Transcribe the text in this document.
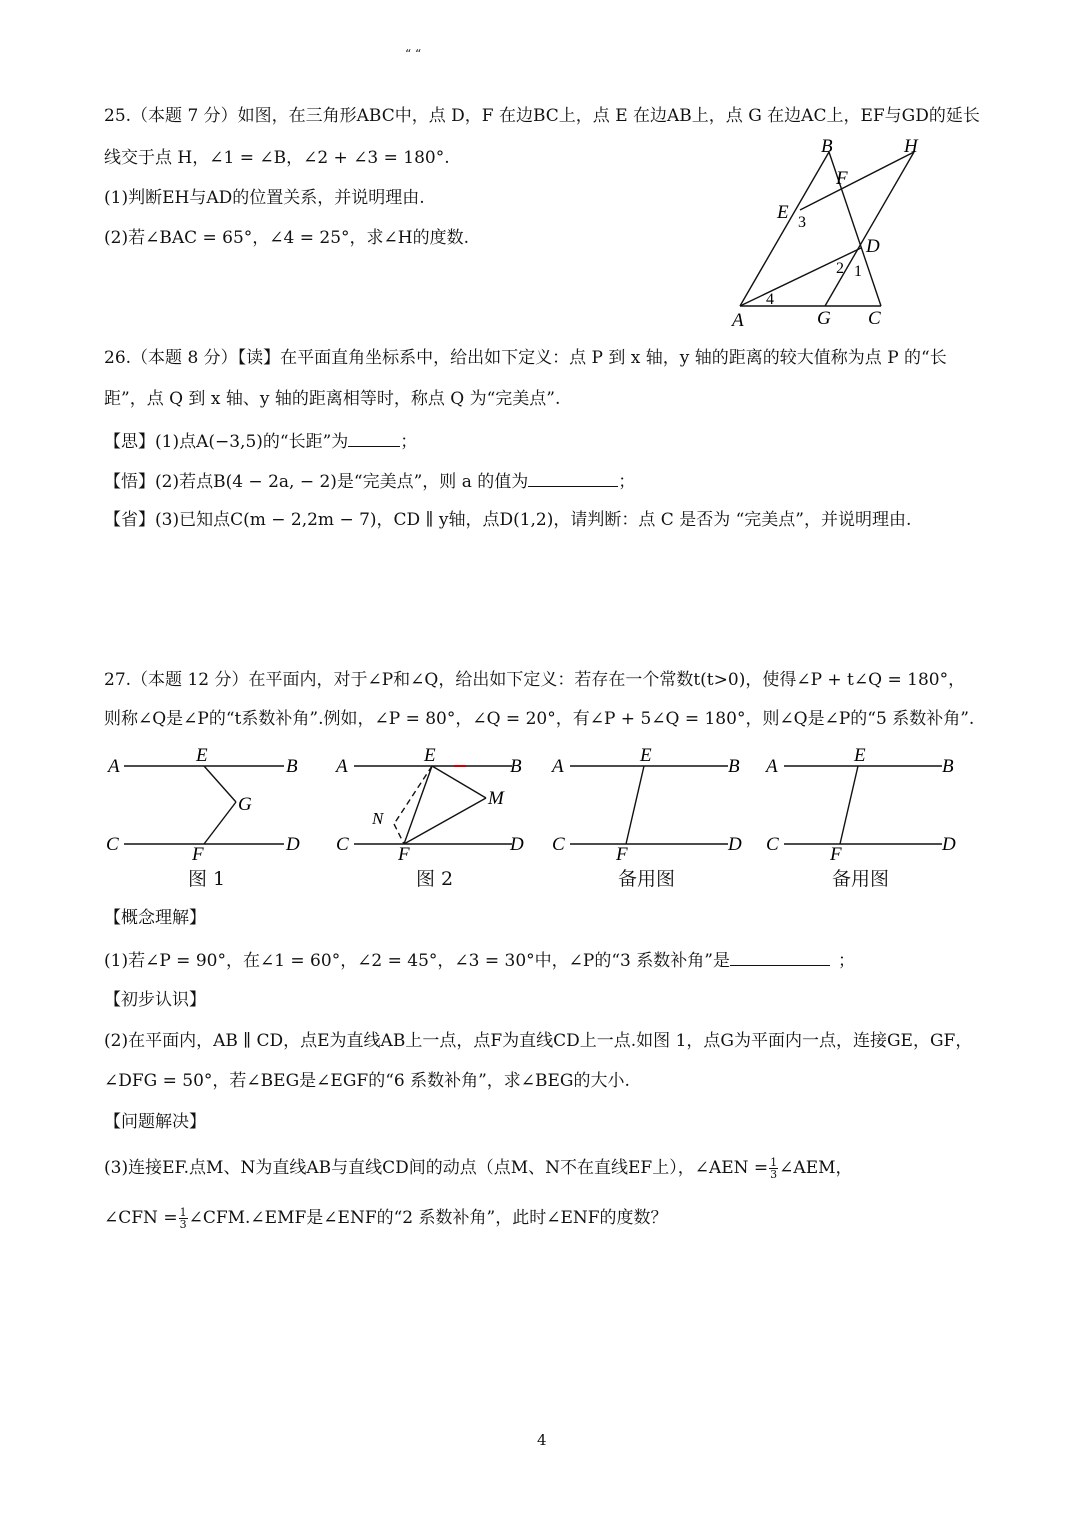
“ “
25.（本题 7 分）如图，在三角形ABC中，点 D，F 在边BC上，点 E 在边AB上，点 G 在边AC上，EF与GD的延长
线交于点 H，∠1 = ∠B，∠2 + ∠3 = 180°.
(1)判断EH与AD的位置关系，并说明理由.
(2)若∠BAC = 65°，∠4 = 25°，求∠H的度数.
B	H
F
E 3
D
2 1
4
A	G C
26.（本题 8 分）【读】在平面直角坐标系中，给出如下定义：点 P 到 x 轴，y 轴的距离的较大值称为点 P 的“长
距”，点 Q 到 x 轴、y 轴的距离相等时，称点 Q 为“完美点”.
【思】(1)点A(−3,5)的“长距”为	；
【悟】(2)若点B(4 − 2a, − 2)是“完美点”，则 a 的值为	；
【省】(3)已知点C(m − 2,2m − 7)，CD ∥ y轴，点D(1,2)，请判断：点 C 是否为 “完美点”，并说明理由.
27.（本题 12 分）在平面内，对于∠P和∠Q，给出如下定义：若存在一个常数t(t>0)，使得∠P + t∠Q = 180°，
则称∠Q是∠P的“t系数补角”.例如，∠P = 80°，∠Q = 20°，有∠P + 5∠Q = 180°，则∠Q是∠P的“5 系数补角”.
A	B
E
G
C	D
F
图 1
A	B
E
M
N
C	D
F
图 2
A	B
E
C	D
F
备用图
A	B
E
C	D
F
备用图
【概念理解】
(1)若∠P = 90°，在∠1 = 60°，∠2 = 45°，∠3 = 30°中，∠P的“3 系数补角”是	；
【初步认识】
(2)在平面内，AB ∥ CD，点E为直线AB上一点，点F为直线CD上一点.如图 1，点G为平面内一点，连接GE，GF，
∠DFG = 50°，若∠BEG是∠EGF的“6 系数补角”，求∠BEG的大小.
【问题解决】
(3)连接EF.点M、N为直线AB与直线CD间的动点（点M、N不在直线EF上），∠AEN = $\frac{1}{3}$ ∠AEM，
∠CFN = $\frac{1}{3}$ ∠CFM.∠EMF是∠ENF的“2 系数补角”，此时∠ENF的度数？
4
